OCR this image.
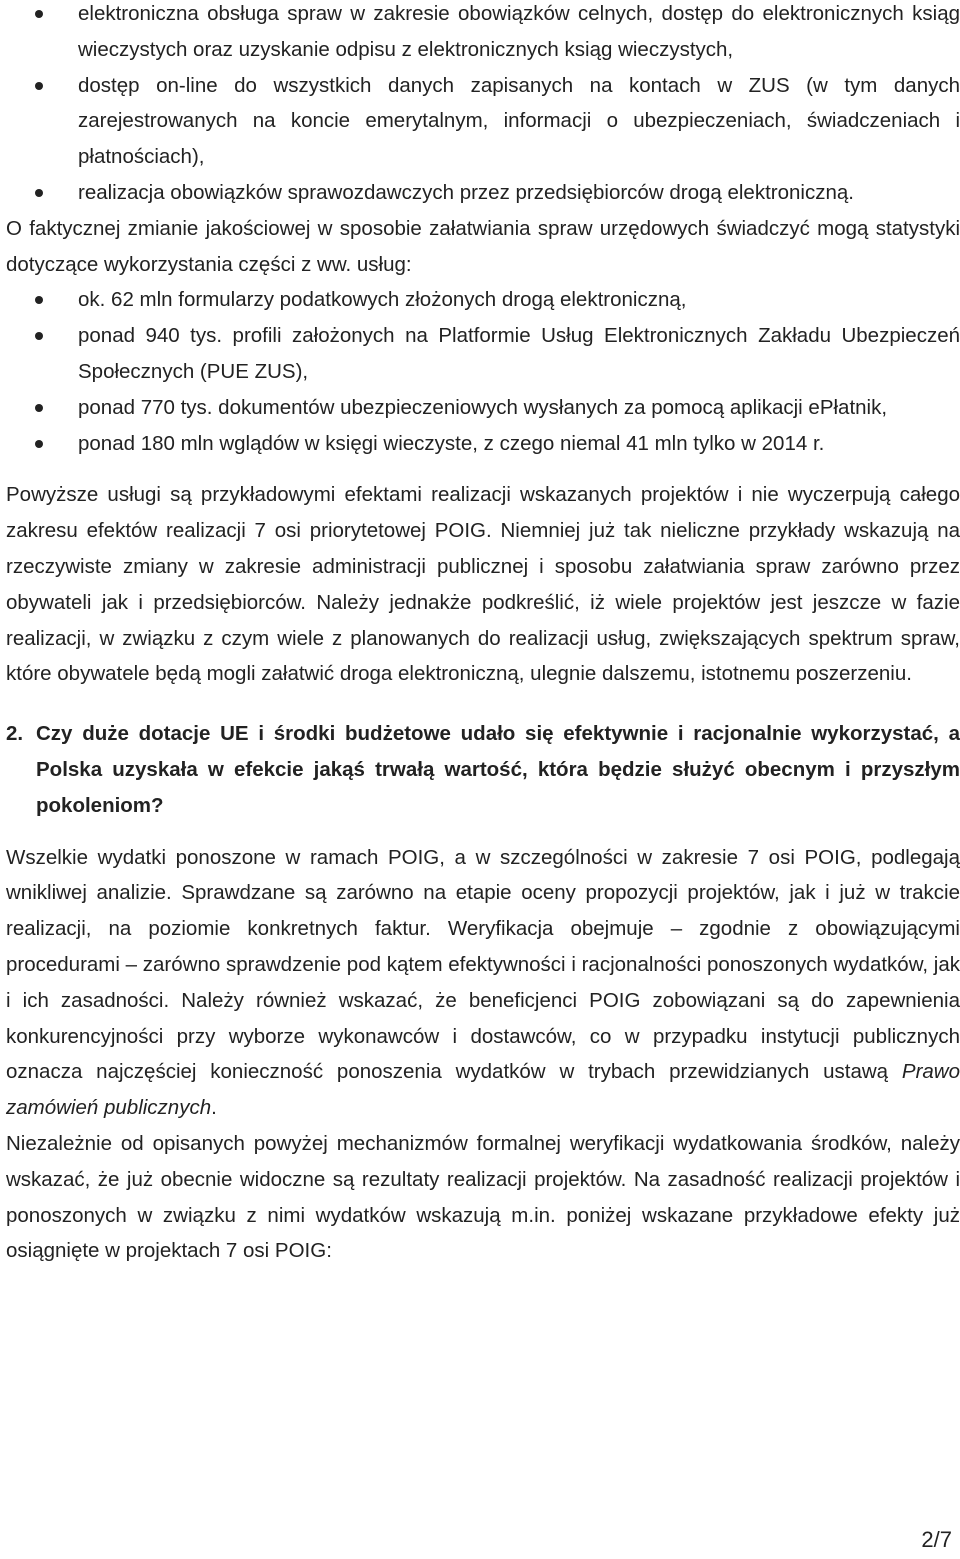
elektroniczna obsługa spraw w zakresie obowiązków celnych, dostęp do elektronicznych ksiąg wieczystych oraz uzyskanie odpisu z elektronicznych ksiąg wieczystych,
dostęp on-line do wszystkich danych zapisanych na kontach w ZUS (w tym danych zarejestrowanych na koncie emerytalnym, informacji o ubezpieczeniach, świadczeniach i płatnościach),
realizacja obowiązków sprawozdawczych przez przedsiębiorców drogą elektroniczną.

O faktycznej zmianie jakościowej w sposobie załatwiania spraw urzędowych świadczyć mogą statystyki dotyczące wykorzystania części z ww. usług:

ok. 62 mln formularzy podatkowych złożonych drogą elektroniczną,
ponad 940 tys. profili założonych na Platformie Usług Elektronicznych Zakładu Ubezpieczeń Społecznych (PUE ZUS),
ponad 770 tys. dokumentów ubezpieczeniowych wysłanych za pomocą aplikacji ePłatnik,
ponad 180 mln wglądów w księgi wieczyste, z czego niemal 41 mln tylko w 2014 r.

Powyższe usługi są przykładowymi efektami realizacji wskazanych projektów i nie wyczerpują całego zakresu efektów realizacji 7 osi priorytetowej POIG. Niemniej już tak nieliczne przykłady wskazują na rzeczywiste zmiany w zakresie administracji publicznej i sposobu załatwiania spraw zarówno przez obywateli jak i przedsiębiorców. Należy jednakże podkreślić, iż wiele projektów jest jeszcze w fazie realizacji, w związku z czym wiele z planowanych do realizacji usług, zwiększających spektrum spraw, które obywatele będą mogli załatwić droga elektroniczną, ulegnie dalszemu, istotnemu poszerzeniu.

2. Czy duże dotacje UE i środki budżetowe udało się efektywnie i racjonalnie wykorzystać, a Polska uzyskała w efekcie jakąś trwałą wartość, która będzie służyć obecnym i przyszłym pokoleniom?

Wszelkie wydatki ponoszone w ramach POIG, a w szczególności w zakresie 7 osi POIG, podlegają wnikliwej analizie. Sprawdzane są zarówno na etapie oceny propozycji projektów, jak i już w trakcie realizacji, na poziomie konkretnych faktur. Weryfikacja obejmuje – zgodnie z obowiązującymi procedurami – zarówno sprawdzenie pod kątem efektywności i racjonalności ponoszonych wydatków, jak i ich zasadności. Należy również wskazać, że beneficjenci POIG zobowiązani są do zapewnienia konkurencyjności przy wyborze wykonawców i dostawców, co w przypadku instytucji publicznych oznacza najczęściej konieczność ponoszenia wydatków w trybach przewidzianych ustawą Prawo zamówień publicznych.

Niezależnie od opisanych powyżej mechanizmów formalnej weryfikacji wydatkowania środków, należy wskazać, że już obecnie widoczne są rezultaty realizacji projektów. Na zasadność realizacji projektów i ponoszonych w związku z nimi wydatków wskazują m.in. poniżej wskazane przykładowe efekty już osiągnięte w projektach 7 osi POIG:

2/7
